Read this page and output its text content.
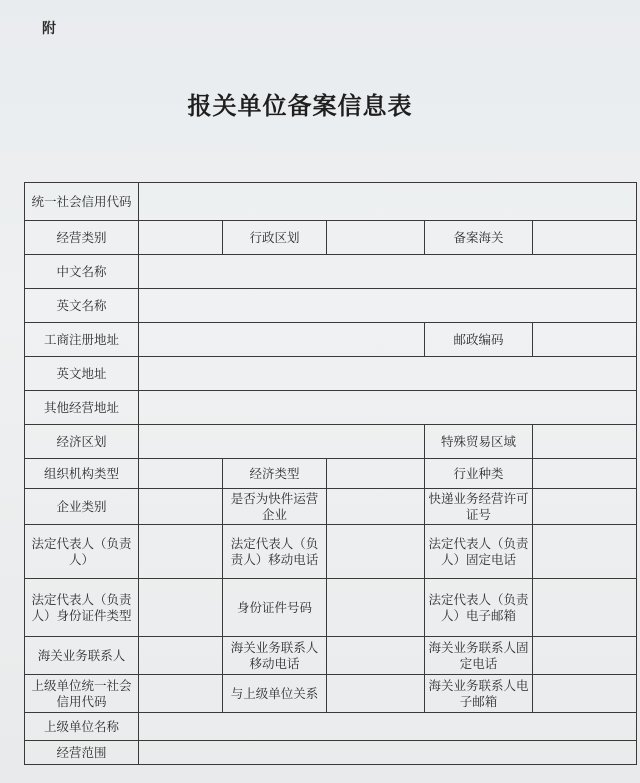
附
报关单位备案信息表
统一社会信用代码					
经营类别		行政区划		备案海关	
中文名称					
英文名称					
工商注册地址				邮政编码	
英文地址					
其他经营地址					
经济区划				特殊贸易区域	
组织机构类型		经济类型		行业种类	
企业类别		是否为快件运营企业		快递业务经营许可证号	
法定代表人（负责人）		法定代表人（负责人）移动电话		法定代表人（负责人）固定电话	
法定代表人（负责人）身份证件类型		身份证件号码		法定代表人（负责人）电子邮箱	
海关业务联系人		海关业务联系人移动电话		海关业务联系人固定电话	
上级单位统一社会信用代码		与上级单位关系		海关业务联系人电子邮箱	
上级单位名称					
经营范围					
